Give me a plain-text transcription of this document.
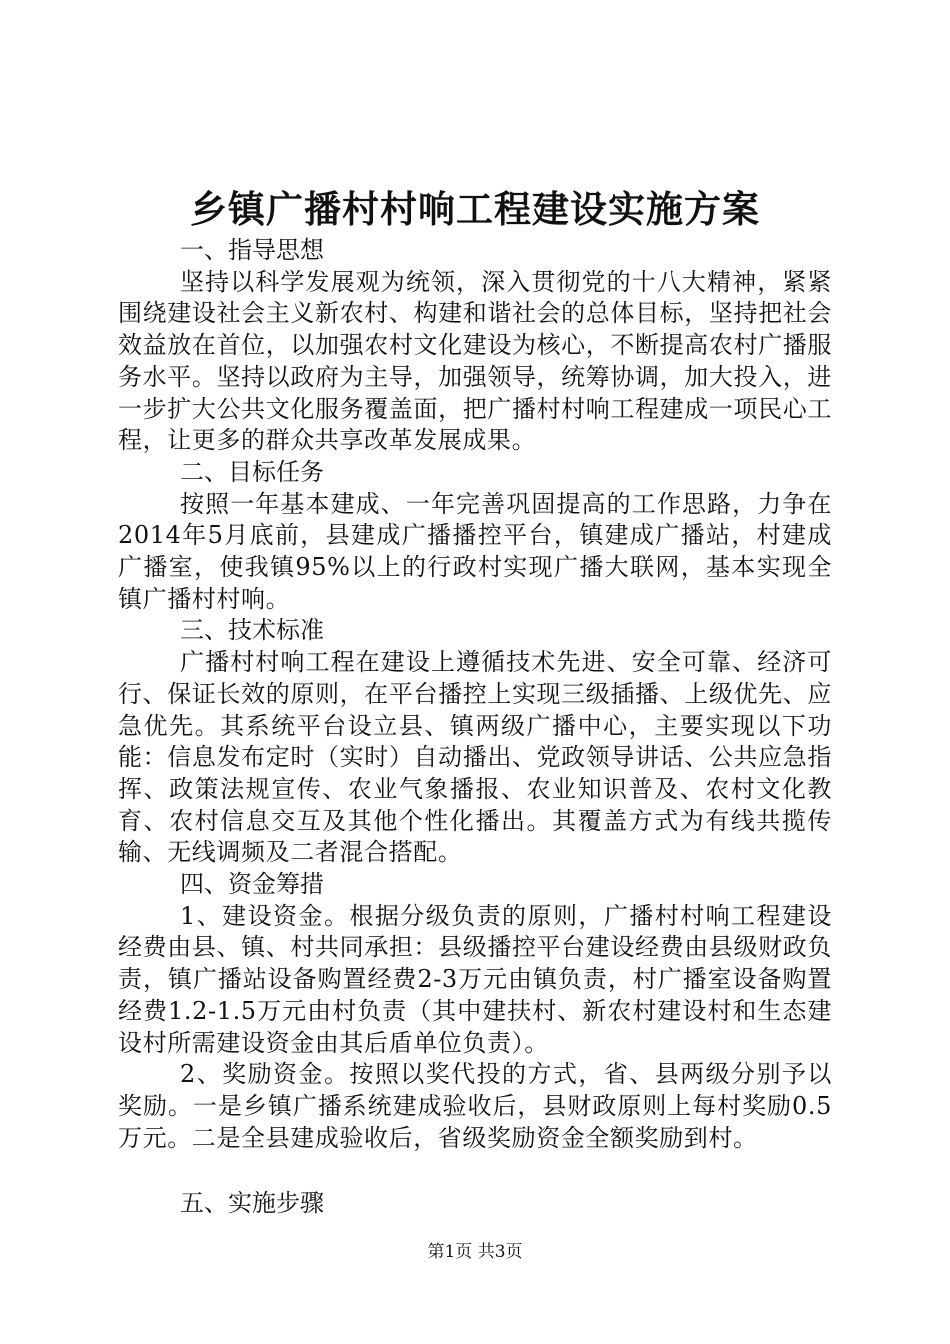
乡镇广播村村响工程建设实施方案
一、指导思想

坚持以科学发展观为统领，深入贯彻党的十八大精神，紧紧围绕建设社会主义新农村、构建和谐社会的总体目标，坚持把社会效益放在首位，以加强农村文化建设为核心，不断提高农村广播服务水平。坚持以政府为主导，加强领导，统筹协调，加大投入，进一步扩大公共文化服务覆盖面，把广播村村响工程建成一项民心工程，让更多的群众共享改革发展成果。

二、目标任务

按照一年基本建成、一年完善巩固提高的工作思路，力争在2014年5月底前，县建成广播播控平台，镇建成广播站，村建成广播室，使我镇95%以上的行政村实现广播大联网，基本实现全镇广播村村响。

三、技术标准

广播村村响工程在建设上遵循技术先进、安全可靠、经济可行、保证长效的原则，在平台播控上实现三级插播、上级优先、应急优先。其系统平台设立县、镇两级广播中心，主要实现以下功能：信息发布定时（实时）自动播出、党政领导讲话、公共应急指挥、政策法规宣传、农业气象播报、农业知识普及、农村文化教育、农村信息交互及其他个性化播出。其覆盖方式为有线共揽传输、无线调频及二者混合搭配。

四、资金筹措

1、建设资金。根据分级负责的原则，广播村村响工程建设经费由县、镇、村共同承担：县级播控平台建设经费由县级财政负责，镇广播站设备购置经费2-3万元由镇负责，村广播室设备购置经费1.2-1.5万元由村负责（其中建扶村、新农村建设村和生态建设村所需建设资金由其后盾单位负责）。

2、奖励资金。按照以奖代投的方式，省、县两级分别予以奖励。一是乡镇广播系统建成验收后，县财政原则上每村奖励0.5万元。二是全县建成验收后，省级奖励资金全额奖励到村。

五、实施步骤

第1页 共3页
